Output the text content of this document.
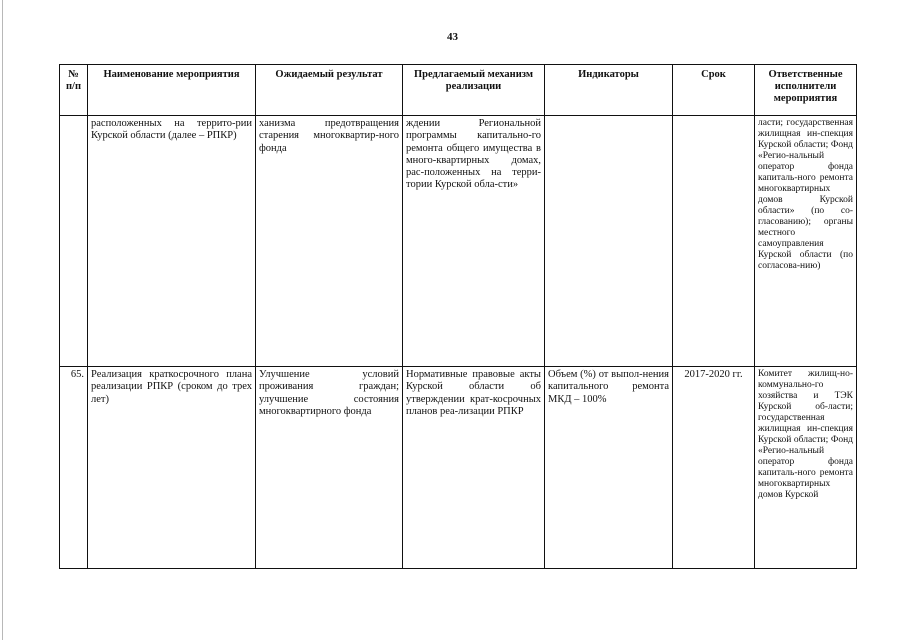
43
№ п/п	Наименование мероприятия	Ожидаемый результат	Предлагаемый механизм реализации	Индикаторы	Срок	Ответственные исполнители мероприятия
	расположенных на террито-рии Курской области (далее – РПКР)	ханизма предотвращения старения многоквартир-ного фонда	ждении Региональной программы капитально-го ремонта общего имущества в много-квартирных домах, рас-положенных на терри-тории Курской обла-сти»			ласти; государственная жилищная ин-спекция Курской области; Фонд «Регио-нальный оператор фонда капиталь-ного ремонта многоквартирных домов Курской области» (по со-гласованию); органы местного самоуправления Курской области (по согласова-нию)
65.	Реализация краткосрочного плана реализации РПКР (сроком до трех лет)	Улучшение условий проживания граждан; улучшение состояния многоквартирного фонда	Нормативные правовые акты Курской области об утверждении крат-косрочных планов реа-лизации РПКР	Объем (%) от выпол-нения капитального ремонта МКД – 100%	2017-2020 гг.	Комитет жилищ-но-коммунально-го хозяйства и ТЭК Курской об-ласти; государственная жилищная ин-спекция Курской области; Фонд «Регио-нальный оператор фонда капиталь-ного ремонта многоквартирных домов Курской
